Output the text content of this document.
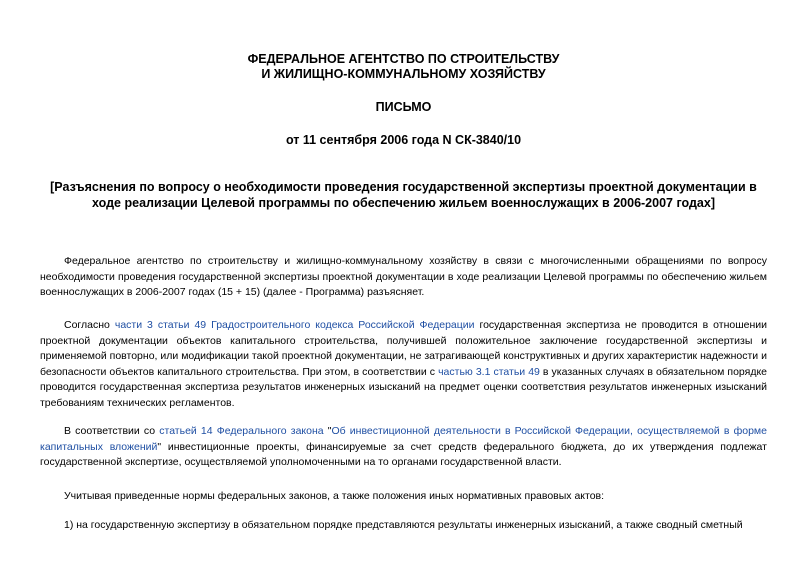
ФЕДЕРАЛЬНОЕ АГЕНТСТВО ПО СТРОИТЕЛЬСТВУ
И ЖИЛИЩНО-КОММУНАЛЬНОМУ ХОЗЯЙСТВУ
ПИСЬМО
от 11 сентября 2006 года N СК-3840/10
[Разъяснения по вопросу о необходимости проведения государственной экспертизы проектной документации в ходе реализации Целевой программы по обеспечению жильем военнослужащих в 2006-2007 годах]

Федеральное агентство по строительству и жилищно-коммунальному хозяйству в связи с многочисленными обращениями по вопросу необходимости проведения государственной экспертизы проектной документации в ходе реализации Целевой программы по обеспечению жильем военнослужащих в 2006-2007 годах (15 + 15) (далее - Программа) разъясняет.

Согласно части 3 статьи 49 Градостроительного кодекса Российской Федерации государственная экспертиза не проводится в отношении проектной документации объектов капитального строительства, получившей положительное заключение государственной экспертизы и применяемой повторно, или модификации такой проектной документации, не затрагивающей конструктивных и других характеристик надежности и безопасности объектов капитального строительства. При этом, в соответствии с частью 3.1 статьи 49 в указанных случаях в обязательном порядке проводится государственная экспертиза результатов инженерных изысканий на предмет оценки соответствия результатов инженерных изысканий требованиям технических регламентов.

В соответствии со статьей 14 Федерального закона "Об инвестиционной деятельности в Российской Федерации, осуществляемой в форме капитальных вложений" инвестиционные проекты, финансируемые за счет средств федерального бюджета, до их утверждения подлежат государственной экспертизе, осуществляемой уполномоченными на то органами государственной власти.

Учитывая приведенные нормы федеральных законов, а также положения иных нормативных правовых актов:

1) на государственную экспертизу в обязательном порядке представляются результаты инженерных изысканий, а также сводный сметный
